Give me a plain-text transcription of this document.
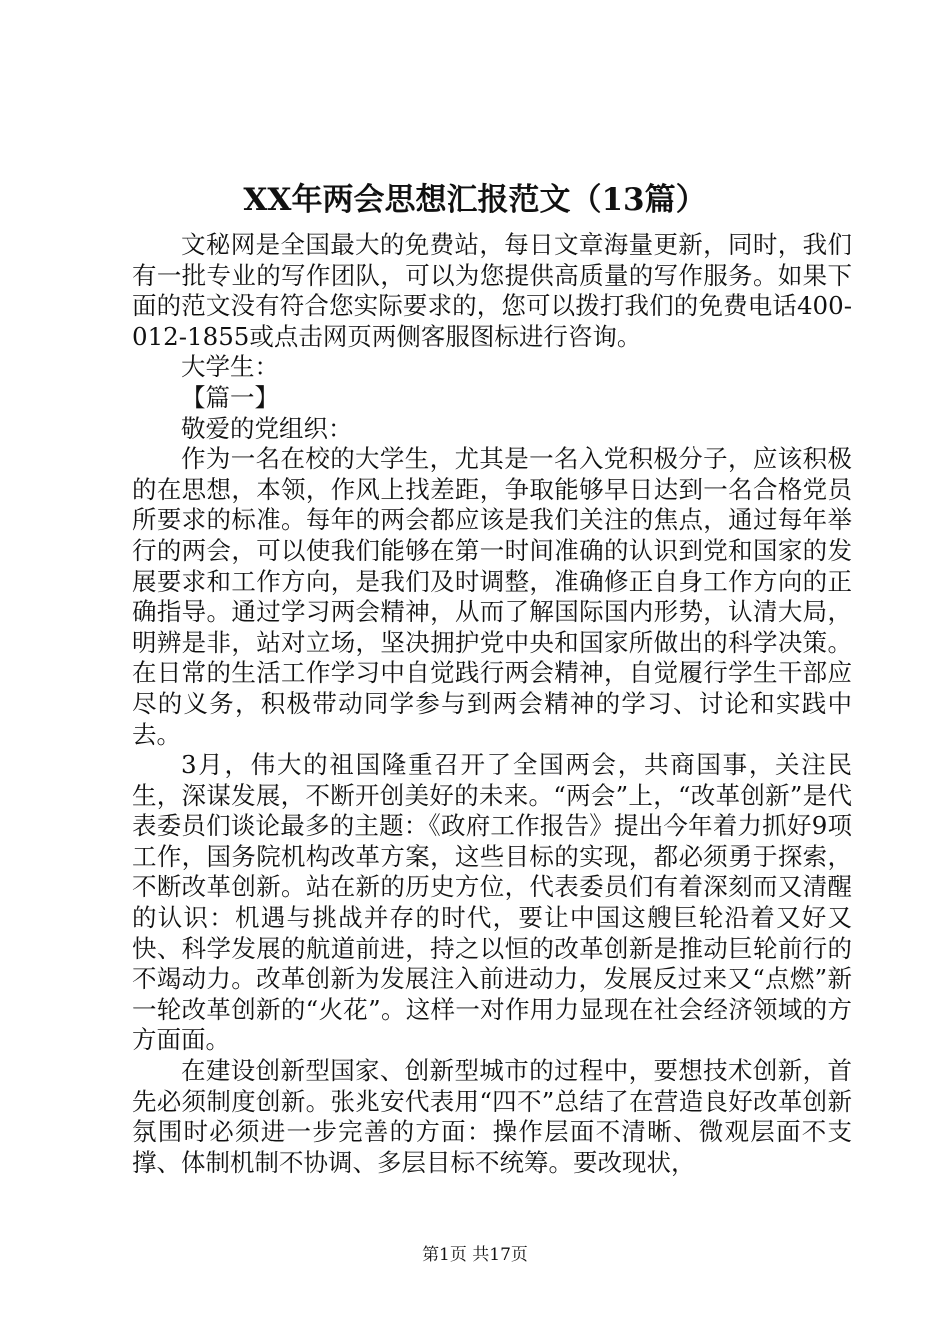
XX年两会思想汇报范文（13篇）

文秘网是全国最大的免费站，每日文章海量更新，同时，我们有一批专业的写作团队，可以为您提供高质量的写作服务。如果下面的范文没有符合您实际要求的，您可以拨打我们的免费电话400-012-1855或点击网页两侧客服图标进行咨询。

大学生：

【篇一】

敬爱的党组织：

作为一名在校的大学生，尤其是一名入党积极分子，应该积极的在思想，本领，作风上找差距，争取能够早日达到一名合格党员所要求的标准。每年的两会都应该是我们关注的焦点，通过每年举行的两会，可以使我们能够在第一时间准确的认识到党和国家的发展要求和工作方向，是我们及时调整，准确修正自身工作方向的正确指导。通过学习两会精神，从而了解国际国内形势，认清大局，明辨是非，站对立场，坚决拥护党中央和国家所做出的科学决策。在日常的生活工作学习中自觉践行两会精神，自觉履行学生干部应尽的义务，积极带动同学参与到两会精神的学习、讨论和实践中去。

3月，伟大的祖国隆重召开了全国两会，共商国事，关注民生，深谋发展，不断开创美好的未来。“两会”上，“改革创新”是代表委员们谈论最多的主题：《政府工作报告》提出今年着力抓好9项工作，国务院机构改革方案，这些目标的实现，都必须勇于探索，不断改革创新。站在新的历史方位，代表委员们有着深刻而又清醒的认识：机遇与挑战并存的时代，要让中国这艘巨轮沿着又好又快、科学发展的航道前进，持之以恒的改革创新是推动巨轮前行的不竭动力。改革创新为发展注入前进动力，发展反过来又“点燃”新一轮改革创新的“火花”。这样一对作用力显现在社会经济领域的方方面面。

在建设创新型国家、创新型城市的过程中，要想技术创新，首先必须制度创新。张兆安代表用“四不”总结了在营造良好改革创新氛围时必须进一步完善的方面：操作层面不清晰、微观层面不支撑、体制机制不协调、多层目标不统筹。要改现状，

第1页 共17页
